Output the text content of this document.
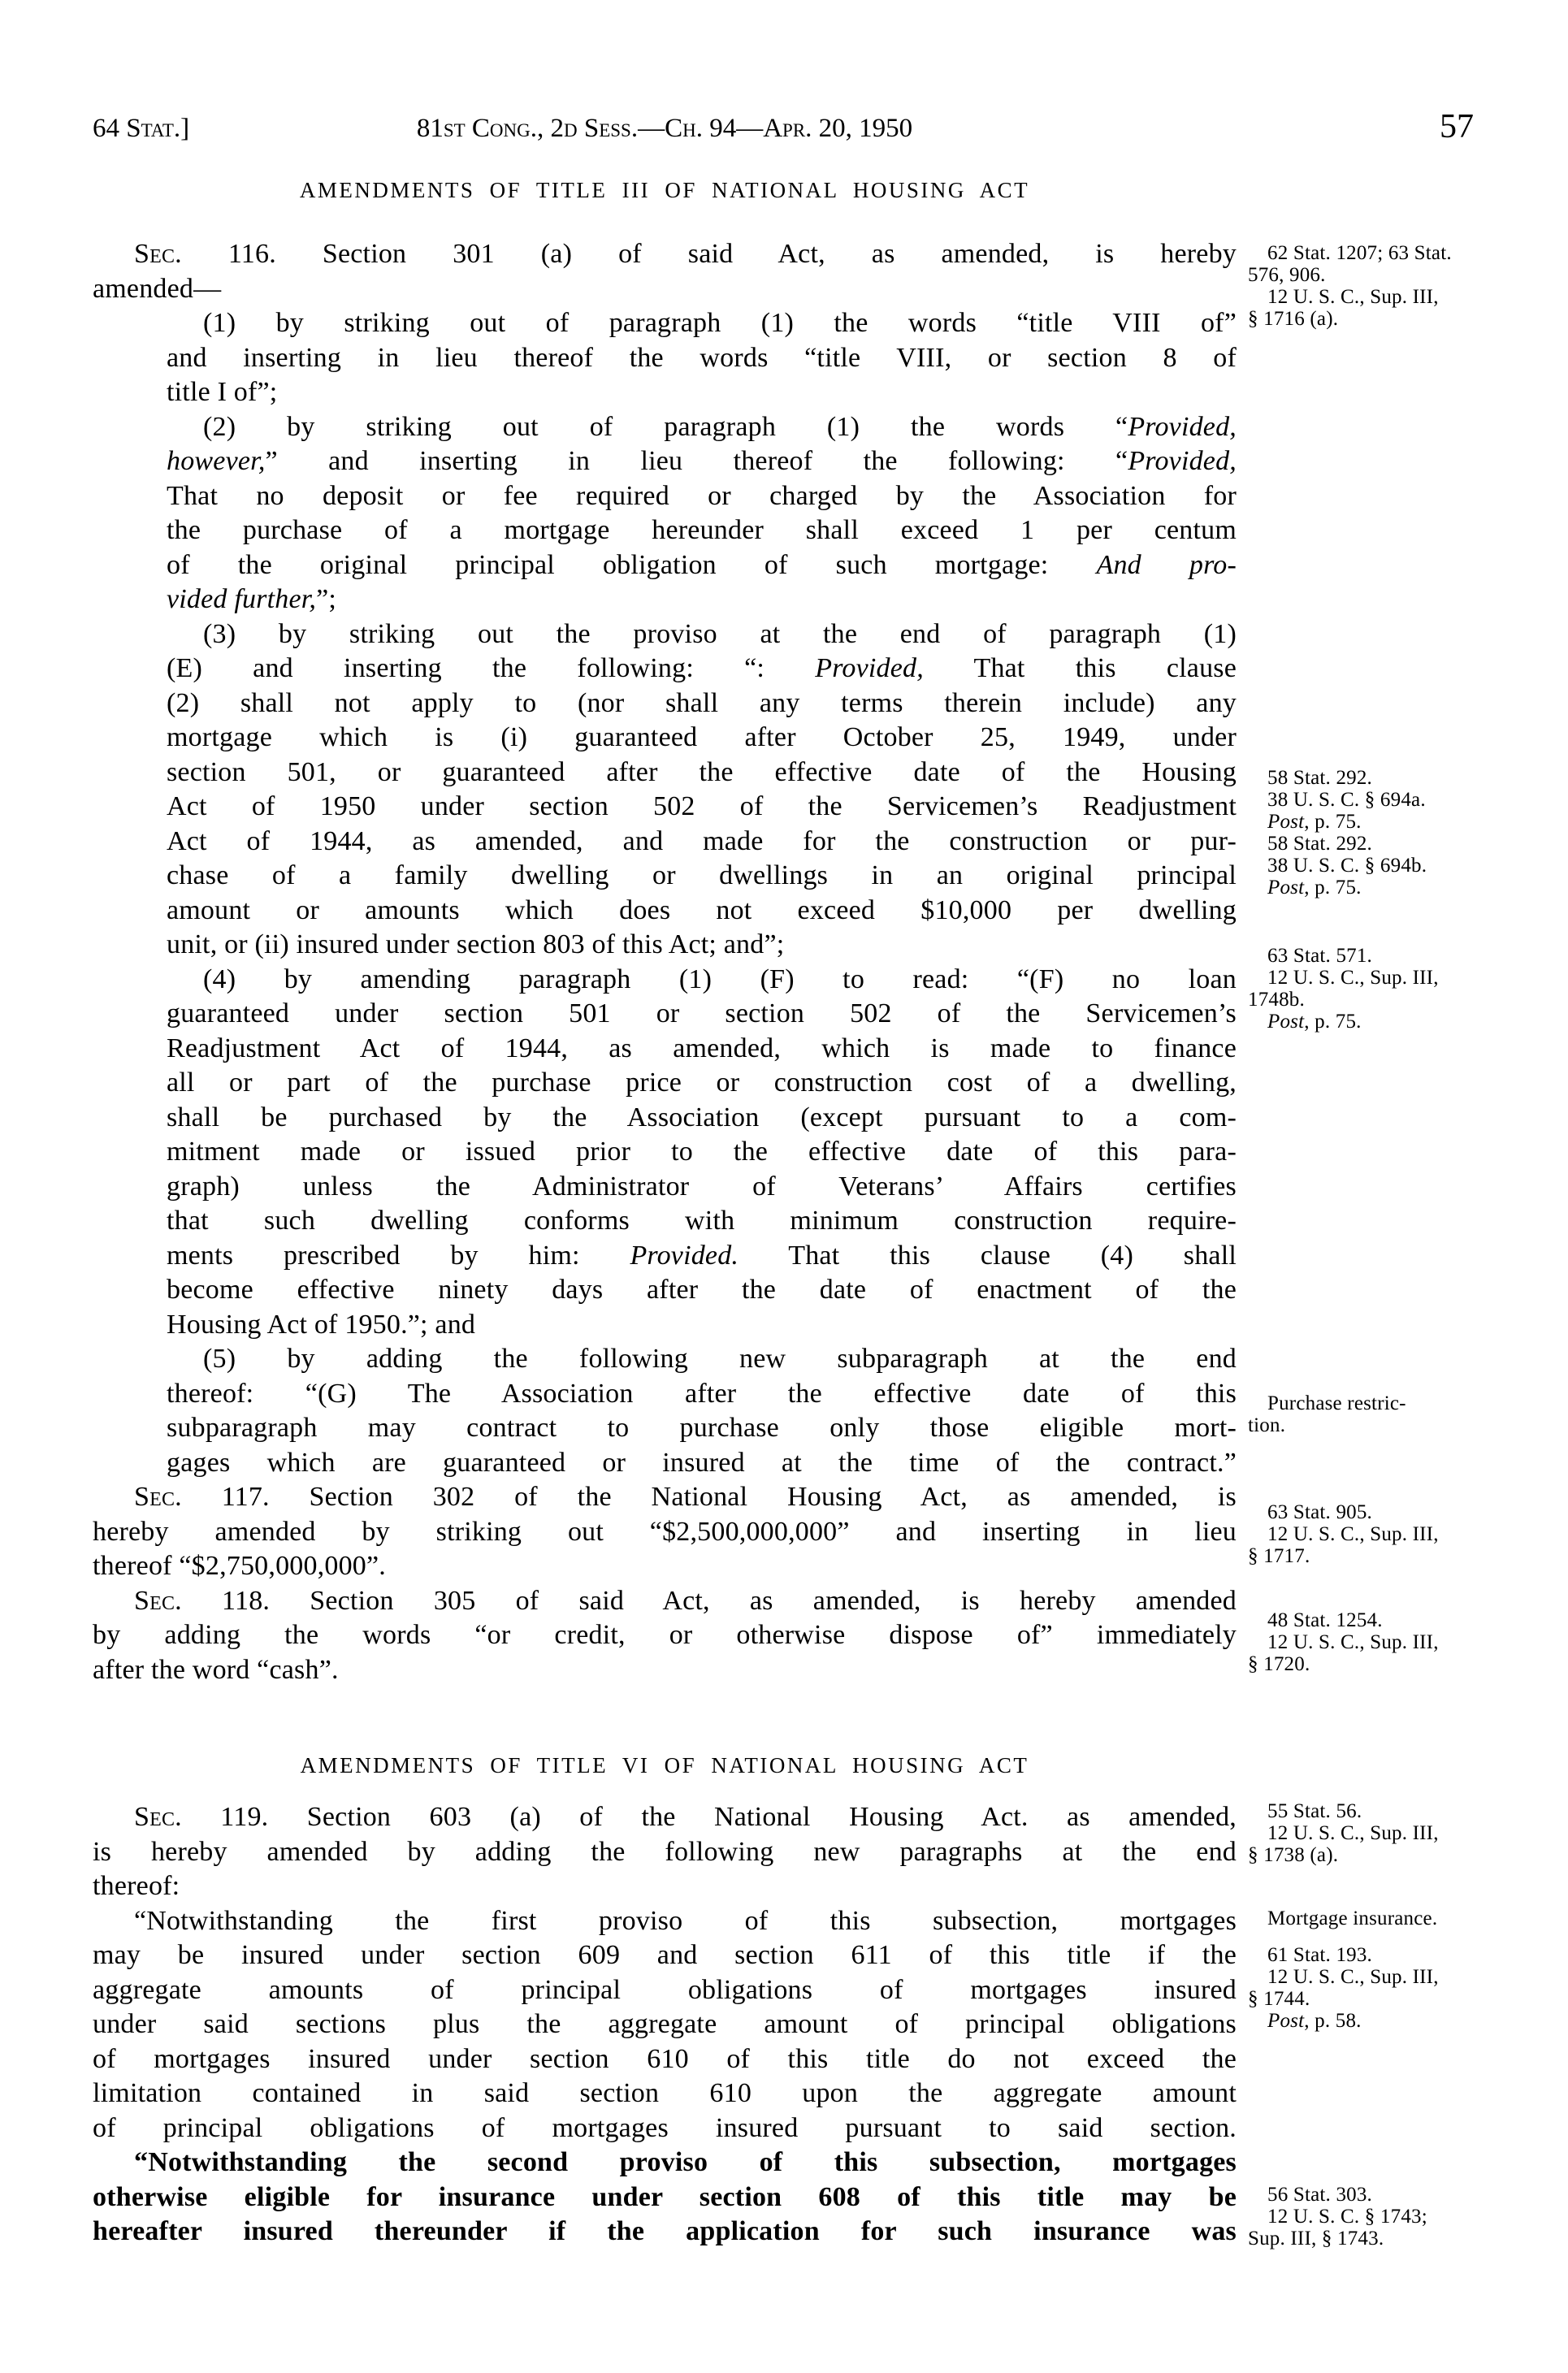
64 Stat.]	81st Cong., 2d Sess.—Ch. 94—Apr. 20, 1950	57
AMENDMENTS OF TITLE III OF NATIONAL HOUSING ACT
Sec. 116. Section 301 (a) of said Act, as amended, is hereby
amended—
(1) by striking out of paragraph (1) the words “title VIII of”
and inserting in lieu thereof the words “title VIII, or section 8 of
title I of”;
(2) by striking out of paragraph (1) the words “Provided,
however,” and inserting in lieu thereof the following: “Provided,
That no deposit or fee required or charged by the Association for
the purchase of a mortgage hereunder shall exceed 1 per centum
of the original principal obligation of such mortgage: And pro-
vided further,”;
(3) by striking out the proviso at the end of paragraph (1)
(E) and inserting the following: “: Provided, That this clause
(2) shall not apply to (nor shall any terms therein include) any
mortgage which is (i) guaranteed after October 25, 1949, under
section 501, or guaranteed after the effective date of the Housing
Act of 1950 under section 502 of the Servicemen’s Readjustment
Act of 1944, as amended, and made for the construction or pur-
chase of a family dwelling or dwellings in an original principal
amount or amounts which does not exceed $10,000 per dwelling
unit, or (ii) insured under section 803 of this Act; and”;
(4) by amending paragraph (1) (F) to read: “(F) no loan
guaranteed under section 501 or section 502 of the Servicemen’s
Readjustment Act of 1944, as amended, which is made to finance
all or part of the purchase price or construction cost of a dwelling,
shall be purchased by the Association (except pursuant to a com-
mitment made or issued prior to the effective date of this para-
graph) unless the Administrator of Veterans’ Affairs certifies
that such dwelling conforms with minimum construction require-
ments prescribed by him: Provided. That this clause (4) shall
become effective ninety days after the date of enactment of the
Housing Act of 1950.”; and
(5) by adding the following new subparagraph at the end
thereof: “(G) The Association after the effective date of this
subparagraph may contract to purchase only those eligible mort-
gages which are guaranteed or insured at the time of the contract.”
Sec. 117. Section 302 of the National Housing Act, as amended, is
hereby amended by striking out “$2,500,000,000” and inserting in lieu
thereof “$2,750,000,000”.
Sec. 118. Section 305 of said Act, as amended, is hereby amended
by adding the words “or credit, or otherwise dispose of” immediately
after the word “cash”.
AMENDMENTS OF TITLE VI OF NATIONAL HOUSING ACT
Sec. 119. Section 603 (a) of the National Housing Act. as amended,
is hereby amended by adding the following new paragraphs at the end
thereof:
“Notwithstanding the first proviso of this subsection, mortgages
may be insured under section 609 and section 611 of this title if the
aggregate amounts of principal obligations of mortgages insured
under said sections plus the aggregate amount of principal obligations
of mortgages insured under section 610 of this title do not exceed the
limitation contained in said section 610 upon the aggregate amount
of principal obligations of mortgages insured pursuant to said section.
“Notwithstanding the second proviso of this subsection, mortgages
otherwise eligible for insurance under section 608 of this title may be
hereafter insured thereunder if the application for such insurance was
62 Stat. 1207; 63 Stat.
576, 906.
12 U. S. C., Sup. III,
§ 1716 (a).
58 Stat. 292.
38 U. S. C. § 694a.
Post, p. 75.
58 Stat. 292.
38 U. S. C. § 694b.
Post, p. 75.
63 Stat. 571.
12 U. S. C., Sup. III,
1748b.
Post, p. 75.
Purchase restric-
tion.
63 Stat. 905.
12 U. S. C., Sup. III,
§ 1717.
48 Stat. 1254.
12 U. S. C., Sup. III,
§ 1720.
55 Stat. 56.
12 U. S. C., Sup. III,
§ 1738 (a).
Mortgage insurance.
61 Stat. 193.
12 U. S. C., Sup. III,
§ 1744.
Post, p. 58.
56 Stat. 303.
12 U. S. C. § 1743;
Sup. III, § 1743.
